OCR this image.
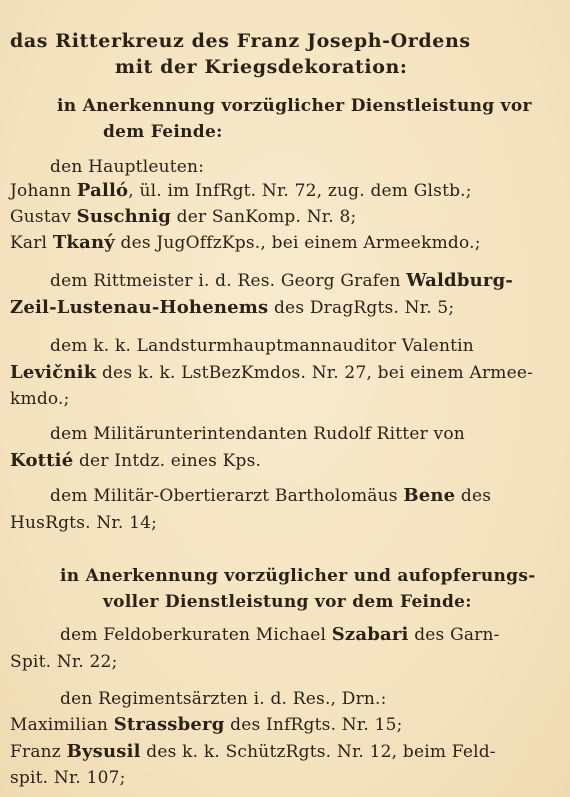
das Ritterkreuz des Franz Joseph-Ordens
mit der Kriegsdekoration:
in Anerkennung vorzüglicher Dienstleistung vor
dem Feinde:
den Hauptleuten:
Johann Palló, ül. im InfRgt. Nr. 72, zug. dem Glstb.;
Gustav Suschnig der SanKomp. Nr. 8;
Karl Tkaný des JugOffzKps., bei einem Armeekmdo.;
dem Rittmeister i. d. Res. Georg Grafen Waldburg-
Zeil-Lustenau-Hohenems des DragRgts. Nr. 5;
dem k. k. Landsturmhauptmannauditor Valentin
Levičnik des k. k. LstBezKmdos. Nr. 27, bei einem Armee-
kmdo.;
dem Militärunterintendanten Rudolf Ritter von
Kottié der Intdz. eines Kps.
dem Militär-Obertierarzt Bartholomäus Bene des
HusRgts. Nr. 14;
in Anerkennung vorzüglicher und aufopferungs-
voller Dienstleistung vor dem Feinde:
dem Feldoberkuraten Michael Szabari des Garn-
Spit. Nr. 22;
den Regimentsärzten i. d. Res., Drn.:
Maximilian Strassberg des InfRgts. Nr. 15;
Franz Bysusil des k. k. SchützRgts. Nr. 12, beim Feld-
spit. Nr. 107;
